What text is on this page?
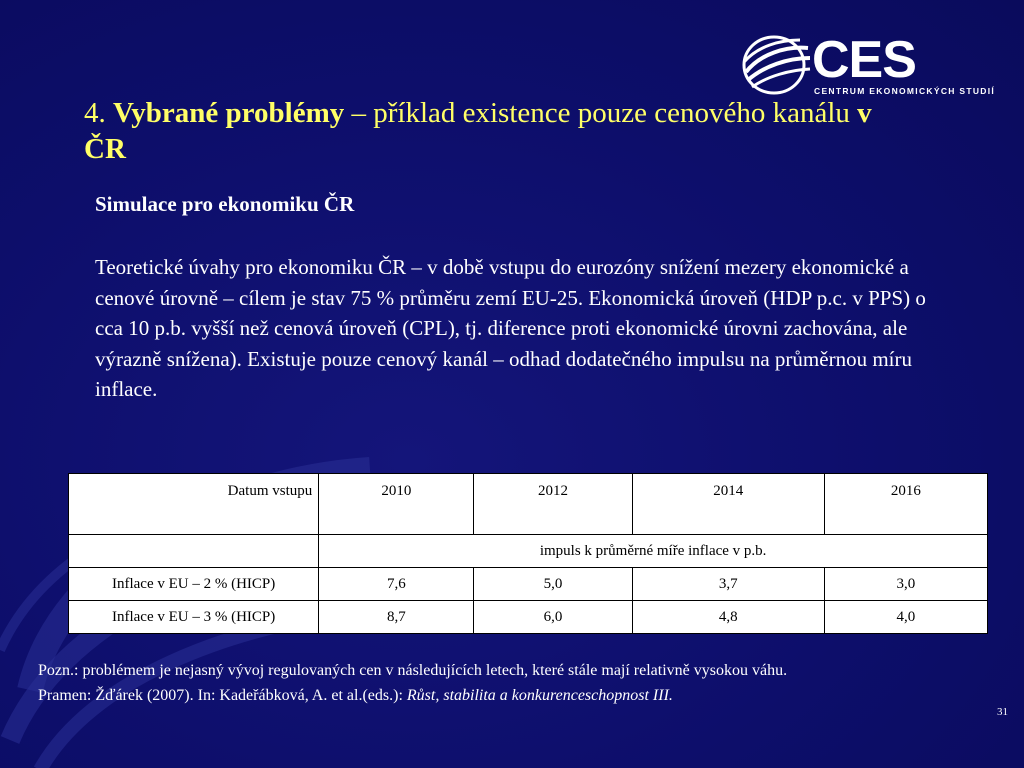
CES
CENTRUM EKONOMICKÝCH STUDIÍ
4. Vybrané problémy – příklad existence pouze cenového kanálu v ČR
Simulace pro ekonomiku ČR
Teoretické úvahy pro ekonomiku ČR – v době vstupu do eurozóny snížení mezery ekonomické a cenové úrovně – cílem je stav 75 % průměru zemí EU-25. Ekonomická úroveň (HDP p.c. v PPS) o cca 10 p.b. vyšší než cenová úroveň (CPL), tj. diference proti ekonomické úrovni zachována, ale výrazně snížena). Existuje pouze cenový kanál – odhad dodatečného impulsu na průměrnou míru inflace.
Datum vstupu	2010	2012	2014	2016
	impuls k průměrné míře inflace v p.b.			
Inflace v EU – 2 % (HICP)	7,6	5,0	3,7	3,0
Inflace v EU – 3 % (HICP)	8,7	6,0	4,8	4,0
Pozn.: problémem je nejasný vývoj regulovaných cen v následujících letech, které stále mají relativně vysokou váhu.
Pramen: Žďárek (2007). In: Kadeřábková, A. et al.(eds.): Růst, stabilita a konkurenceschopnost III.
31
